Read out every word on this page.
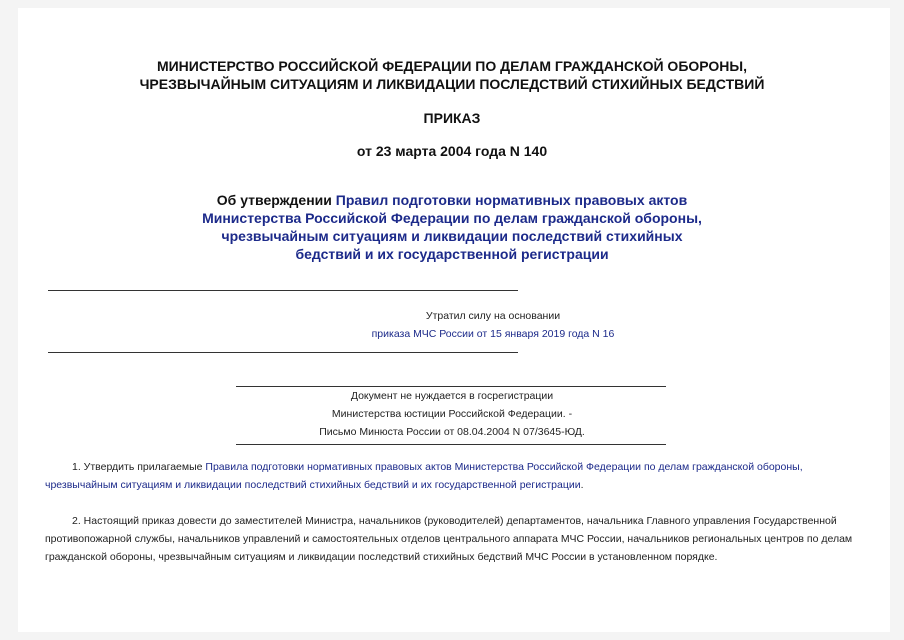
МИНИСТЕРСТВО РОССИЙСКОЙ ФЕДЕРАЦИИ ПО ДЕЛАМ ГРАЖДАНСКОЙ ОБОРОНЫ,
ЧРЕЗВЫЧАЙНЫМ СИТУАЦИЯМ И ЛИКВИДАЦИИ ПОСЛЕДСТВИЙ СТИХИЙНЫХ БЕДСТВИЙ
ПРИКАЗ
от 23 марта 2004 года N 140
Об утверждении Правил подготовки нормативных правовых актов
Министерства Российской Федерации по делам гражданской обороны,
чрезвычайным ситуациям и ликвидации последствий стихийных
бедствий и их государственной регистрации
Утратил силу на основании
приказа МЧС России от 15 января 2019 года N 16
Документ не нуждается в госрегистрации
Министерства юстиции Российской Федерации. -
Письмо Минюста России от 08.04.2004 N 07/3645-ЮД.
1. Утвердить прилагаемые Правила подготовки нормативных правовых актов Министерства Российской Федерации по делам гражданской обороны, чрезвычайным ситуациям и ликвидации последствий стихийных бедствий и их государственной регистрации.
2. Настоящий приказ довести до заместителей Министра, начальников (руководителей) департаментов, начальника Главного управления Государственной противопожарной службы, начальников управлений и самостоятельных отделов центрального аппарата МЧС России, начальников региональных центров по делам гражданской обороны, чрезвычайным ситуациям и ликвидации последствий стихийных бедствий МЧС России в установленном порядке.
